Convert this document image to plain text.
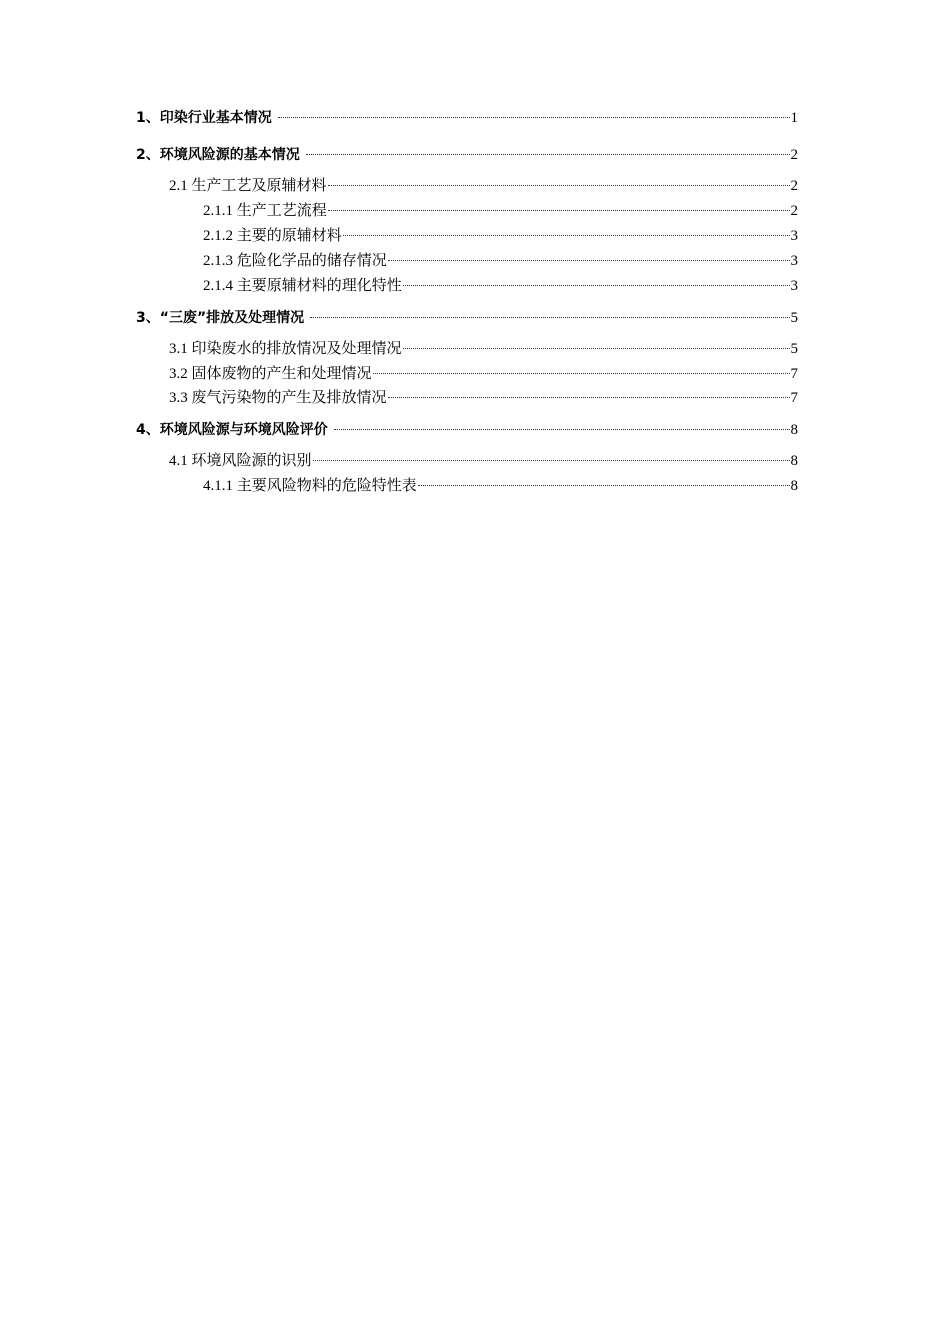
1、印染行业基本情况	1
2、环境风险源的基本情况	2
2.1 生产工艺及原辅材料	2
2.1.1 生产工艺流程	2
2.1.2 主要的原辅材料	3
2.1.3 危险化学品的储存情况	3
2.1.4 主要原辅材料的理化特性	3
3、“三废”排放及处理情况	5
3.1 印染废水的排放情况及处理情况	5
3.2 固体废物的产生和处理情况	7
3.3 废气污染物的产生及排放情况	7
4、环境风险源与环境风险评价	8
4.1 环境风险源的识别	8
4.1.1 主要风险物料的危险特性表	8
